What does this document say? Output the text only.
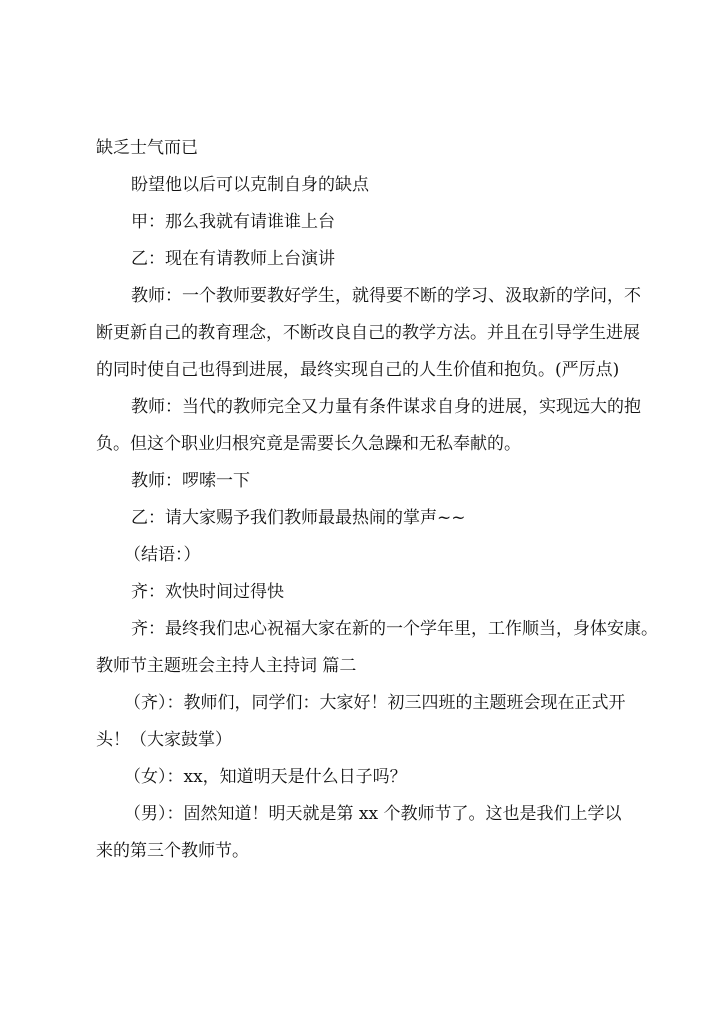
缺乏士气而已
盼望他以后可以克制自身的缺点
甲：那么我就有请谁谁上台
乙：现在有请教师上台演讲
教师：一个教师要教好学生，就得要不断的学习、汲取新的学问，不
断更新自己的教育理念，不断改良自己的教学方法。并且在引导学生进展
的同时使自己也得到进展，最终实现自己的人生价值和抱负。(严厉点)
教师：当代的教师完全又力量有条件谋求自身的进展，实现远大的抱
负。但这个职业归根究竟是需要长久急躁和无私奉献的。
教师：啰嗦一下
乙：请大家赐予我们教师最最热闹的掌声~~
（结语：）
齐：欢快时间过得快
齐：最终我们忠心祝福大家在新的一个学年里，工作顺当，身体安康。
教师节主题班会主持人主持词 篇二
（齐）：教师们，同学们：大家好！初三四班的主题班会现在正式开
头！（大家鼓掌）
（女）：xx，知道明天是什么日子吗？
（男）：固然知道！明天就是第 xx 个教师节了。这也是我们上学以
来的第三个教师节。
